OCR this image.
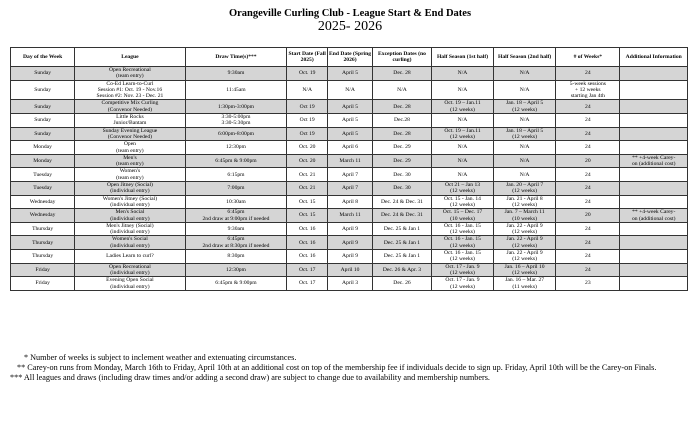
Orangeville Curling Club - League Start & End Dates
2025- 2026
Day of the Week	League	Draw Time(s)***	Start Date (Fall 2025)	End Date (Spring 2026)	Exception Dates (no curling)	Half Season (1st half)	Half Season (2nd half)	# of Weeks*	Additional Information
Sunday	Open Recreational
(team entry)	9:30am	Oct. 19	April 5	Dec. 28	N/A	N/A	24	
Sunday	Co-Ed Learn-to-Curl
Session #1: Oct. 19 - Nov.16
Session #2: Nov. 23 - Dec. 21	11:45am	N/A	N/A	N/A	N/A	N/A	5-week sessions
+ 12 weeks
starting Jan 4th	
Sunday	Competitive Mix Curling
(Convenor Needed)	1:30pm-3:00pm	Oct 19	April 5	Dec. 28	Oct. 19 – Jan.11
(12 weeks)	Jan. 18 – April 5
(12 weeks)	24	
Sunday	Little Rocks
Junior/Bantam	3:30-5:00pm
3:30-5:30pm	Oct 19	April 5	Dec.28	N/A	N/A	24	
Sunday	Sunday Evening League
(Convenor Needed)	6:00pm-8:00pm	Oct 19	April 5	Dec. 28	Oct. 19 – Jan.11
(12 weeks)	Jan. 18 – April 5
(12 weeks)	24	
Monday	Open
(team entry)	12:30pm	Oct. 20	April 6	Dec. 29	N/A	N/A	24	
Monday	Men's
(team entry)	6:45pm & 9:00pm	Oct. 20	March 11	Dec. 29	N/A	N/A	20	** +4-week Carey-
on (additional cost)
Tuesday	Women's
(team entry)	6:15pm	Oct. 21	April 7	Dec. 30	N/A	N/A	24	
Tuesday	Open Jitney (Social)
(individual entry)	7:00pm	Oct. 21	April 7	Dec. 30	Oct 21 – Jan 13
(12 weeks)	Jan. 20 – April 7
(12 weeks)	24	
Wednesday	Women's Jitney (Social)
(individual entry)	10:30am	Oct. 15	April 8	Dec. 24 & Dec. 31	Oct. 15 - Jan. 14
(12 weeks)	Jan. 21 - April 8
(12 weeks)	24	
Wednesday	Men's Social
(individual entry)	6:45pm
2nd draw at 9:00pm if needed	Oct. 15	March 11	Dec. 24 & Dec. 31	Oct. 15 – Dec. 17
(10 weeks)	Jan. 7 – March 11
(10 weeks)	20	** +4-week Carey-
on (additional cost)
Thursday	Men's Jitney (Social)
(individual entry)	9:30am	Oct. 16	April 9	Dec. 25 & Jan 1	Oct. 16 - Jan. 15
(12 weeks)	Jan. 22 - April 9
(12 weeks)	24	
Thursday	Women's Social
(individual entry)	6:45pm
2nd draw at 8:30pm if needed	Oct. 16	April 9	Dec. 25 & Jan 1	Oct. 16 - Jan. 15
(12 weeks)	Jan. 22 - April 9
(12 weeks)	24	
Thursday	Ladies Learn to curl?	8:30pm	Oct. 16	April 9	Dec. 25 & Jan 1	Oct. 16 - Jan. 15
(12 weeks)	Jan. 22 - April 9
(12 weeks)	24	
Friday	Open Recreational
(individual entry)	12:30pm	Oct. 17	April 10	Dec. 26 & Apr. 3	Oct. 17 - Jan. 9
(12 weeks)	Jan. 16 – April 10
(12 weeks)	24	
Friday	Evening Open Social
(individual entry)	6:45pm & 9:00pm	Oct. 17	April 3	Dec. 26	Oct. 17 - Jan. 9
(12 weeks)	Jan. 16 – Mar. 27
(11 weeks)	23	

* Number of weeks is subject to inclement weather and extenuating circumstances.

** Carey-on runs from Monday, March 16th to Friday, April 10th at an additional cost on top of the membership fee if individuals decide to sign up. Friday, April 10th will be the Carey-on Finals.

*** All leagues and draws (including draw times and/or adding a second draw) are subject to change due to availability and membership numbers.
